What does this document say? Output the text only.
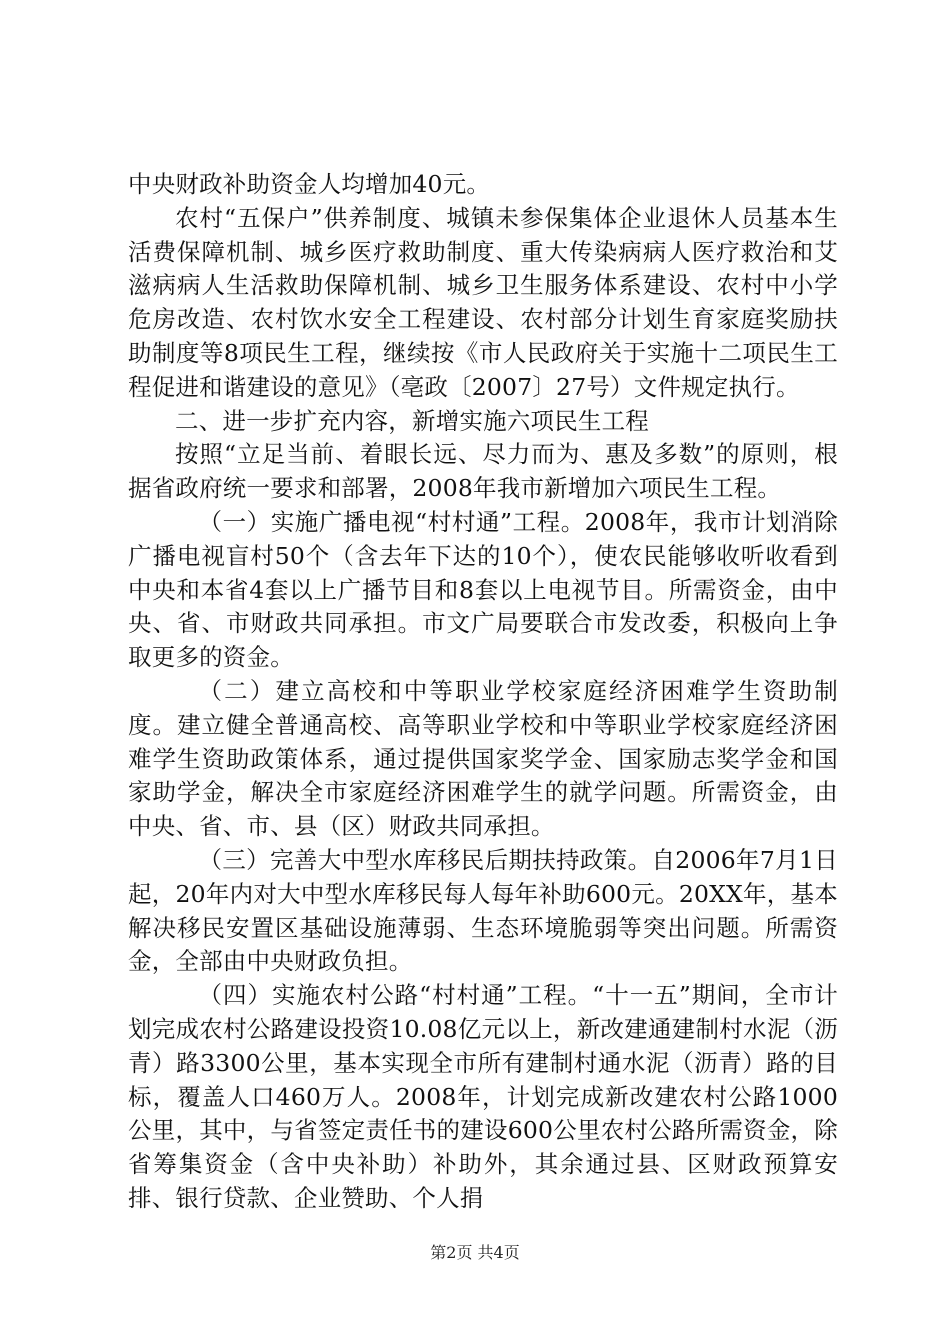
中央财政补助资金人均增加40元。

农村“五保户”供养制度、城镇未参保集体企业退休人员基本生活费保障机制、城乡医疗救助制度、重大传染病病人医疗救治和艾滋病病人生活救助保障机制、城乡卫生服务体系建设、农村中小学危房改造、农村饮水安全工程建设、农村部分计划生育家庭奖励扶助制度等8项民生工程，继续按《市人民政府关于实施十二项民生工程促进和谐建设的意见》（亳政〔2007〕27号）文件规定执行。

二、进一步扩充内容，新增实施六项民生工程

按照“立足当前、着眼长远、尽力而为、惠及多数”的原则，根据省政府统一要求和部署，2008年我市新增加六项民生工程。

（一）实施广播电视“村村通”工程。2008年，我市计划消除广播电视盲村50个（含去年下达的10个），使农民能够收听收看到中央和本省4套以上广播节目和8套以上电视节目。所需资金，由中央、省、市财政共同承担。市文广局要联合市发改委，积极向上争取更多的资金。

（二）建立高校和中等职业学校家庭经济困难学生资助制度。建立健全普通高校、高等职业学校和中等职业学校家庭经济困难学生资助政策体系，通过提供国家奖学金、国家励志奖学金和国家助学金，解决全市家庭经济困难学生的就学问题。所需资金，由中央、省、市、县（区）财政共同承担。

（三）完善大中型水库移民后期扶持政策。自2006年7月1日起，20年内对大中型水库移民每人每年补助600元。20XX年，基本解决移民安置区基础设施薄弱、生态环境脆弱等突出问题。所需资金，全部由中央财政负担。

（四）实施农村公路“村村通”工程。“十一五”期间，全市计划完成农村公路建设投资10.08亿元以上，新改建通建制村水泥（沥青）路3300公里，基本实现全市所有建制村通水泥（沥青）路的目标，覆盖人口460万人。2008年，计划完成新改建农村公路1000公里，其中，与省签定责任书的建设600公里农村公路所需资金，除省筹集资金（含中央补助）补助外，其余通过县、区财政预算安排、银行贷款、企业赞助、个人捐

第2页 共4页
